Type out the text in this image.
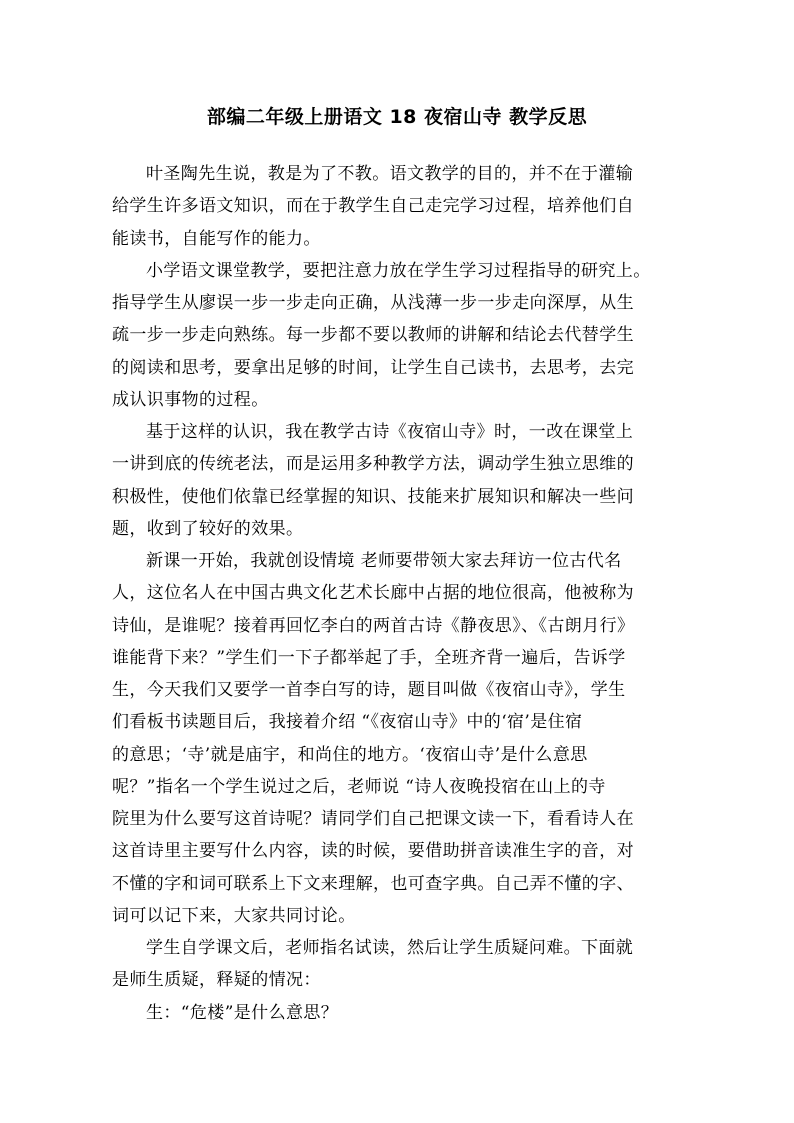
部编二年级上册语文 18 夜宿山寺 教学反思
叶圣陶先生说，教是为了不教。语文教学的目的，并不在于灌输
给学生许多语文知识，而在于教学生自己走完学习过程，培养他们自
能读书，自能写作的能力。
小学语文课堂教学，要把注意力放在学生学习过程指导的研究上。
指导学生从廖误一步一步走向正确，从浅薄一步一步走向深厚，从生
疏一步一步走向熟练。每一步都不要以教师的讲解和结论去代替学生
的阅读和思考，要拿出足够的时间，让学生自己读书，去思考，去完
成认识事物的过程。
基于这样的认识，我在教学古诗《夜宿山寺》时，一改在课堂上
一讲到底的传统老法，而是运用多种教学方法，调动学生独立思维的
积极性，使他们依靠已经掌握的知识、技能来扩展知识和解决一些问
题，收到了较好的效果。
新课一开始，我就创设情境 老师要带领大家去拜访一位古代名
人，这位名人在中国古典文化艺术长廊中占据的地位很高，他被称为
诗仙，是谁呢？接着再回忆李白的两首古诗《静夜思》、《古朗月行》
谁能背下来？”学生们一下子都举起了手，全班齐背一遍后，告诉学
生，今天我们又要学一首李白写的诗，题目叫做《夜宿山寺》，学生
们看板书读题目后，我接着介绍 “《夜宿山寺》中的‘宿’是住宿
的意思；‘寺’就是庙宇，和尚住的地方。‘夜宿山寺’是什么意思
呢？”指名一个学生说过之后，老师说 “诗人夜晚投宿在山上的寺
院里为什么要写这首诗呢？请同学们自己把课文读一下，看看诗人在
这首诗里主要写什么内容，读的时候，要借助拼音读准生字的音，对
不懂的字和词可联系上下文来理解，也可查字典。自己弄不懂的字、
词可以记下来，大家共同讨论。
学生自学课文后，老师指名试读，然后让学生质疑问难。下面就
是师生质疑，释疑的情况：
生：“危楼”是什么意思？
